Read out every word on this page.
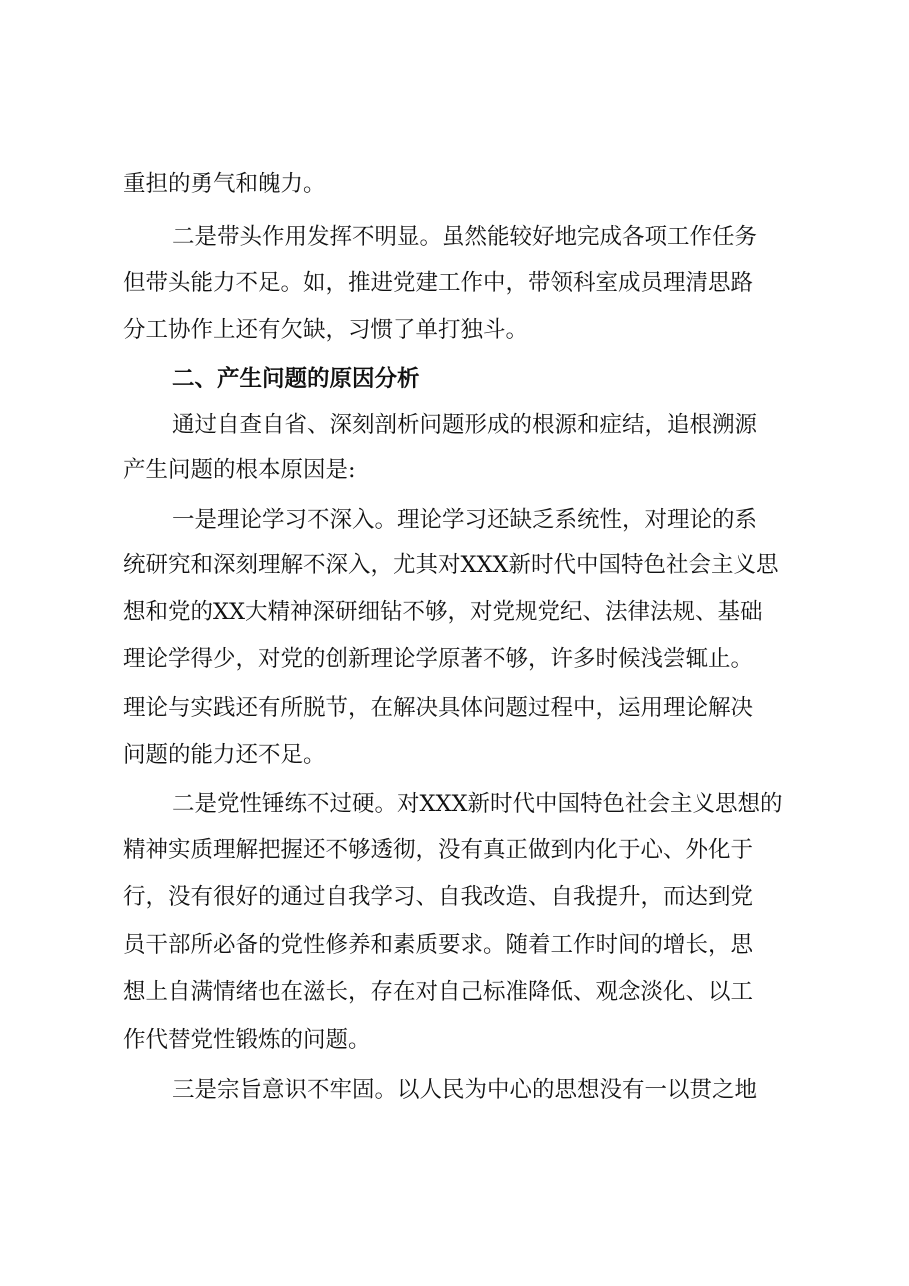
重担的勇气和魄力。
二是带头作用发挥不明显。虽然能较好地完成各项工作任务
但带头能力不足。如，推进党建工作中，带领科室成员理清思路
分工协作上还有欠缺，习惯了单打独斗。
二、产生问题的原因分析
通过自查自省、深刻剖析问题形成的根源和症结，追根溯源
产生问题的根本原因是:
一是理论学习不深入。理论学习还缺乏系统性，对理论的系
统研究和深刻理解不深入，尤其对XXX新时代中国特色社会主义思
想和党的XX大精神深研细钻不够，对党规党纪、法律法规、基础
理论学得少，对党的创新理论学原著不够，许多时候浅尝辄止。
理论与实践还有所脱节，在解决具体问题过程中，运用理论解决
问题的能力还不足。
二是党性锤练不过硬。对XXX新时代中国特色社会主义思想的
精神实质理解把握还不够透彻，没有真正做到内化于心、外化于
行，没有很好的通过自我学习、自我改造、自我提升，而达到党
员干部所必备的党性修养和素质要求。随着工作时间的增长，思
想上自满情绪也在滋长，存在对自己标准降低、观念淡化、以工
作代替党性锻炼的问题。
三是宗旨意识不牢固。以人民为中心的思想没有一以贯之地
